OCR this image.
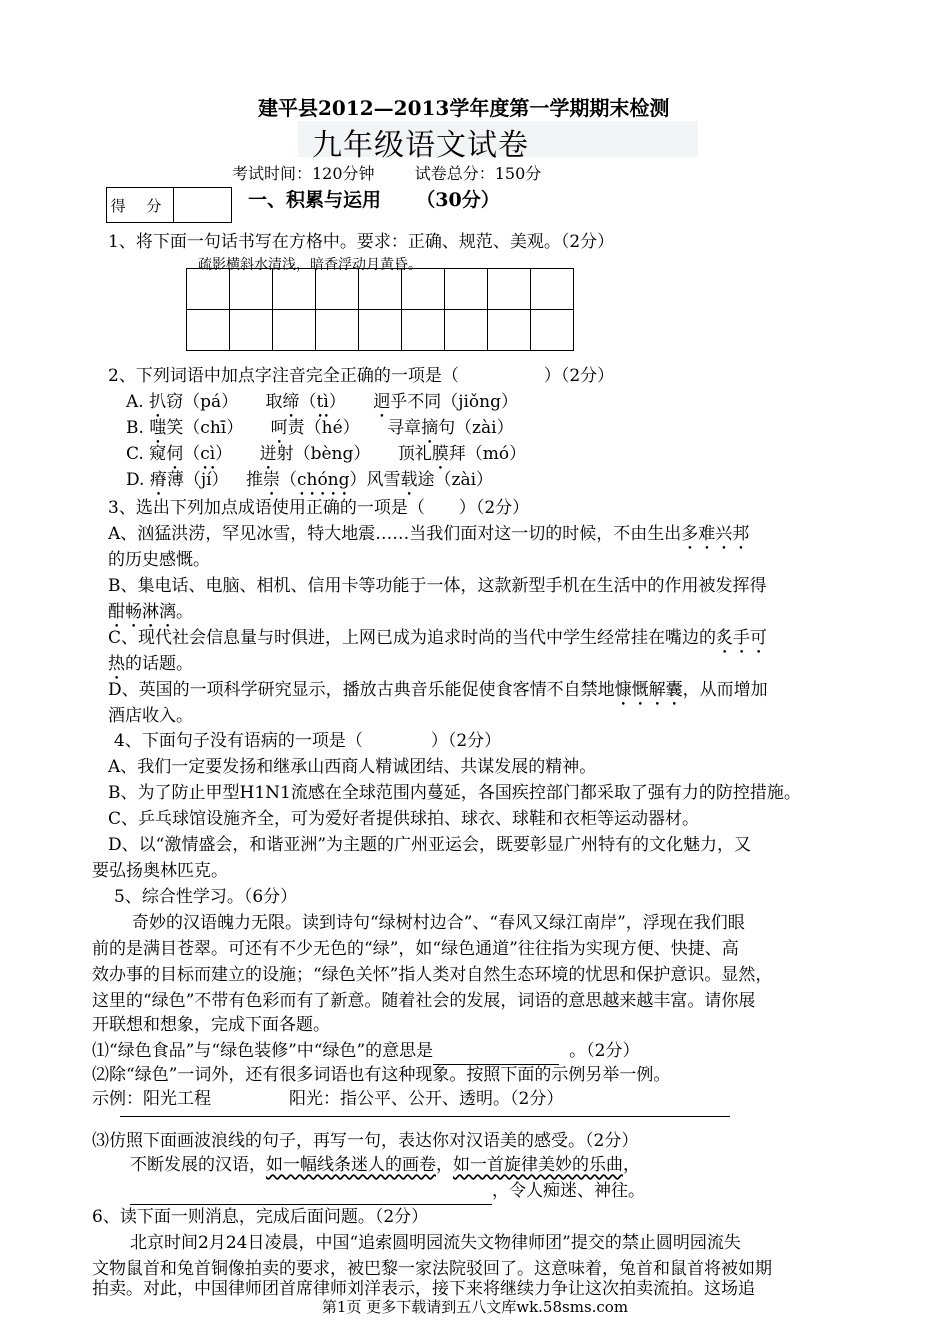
建平县2012—2013学年度第一学期期末检测
九年级语文试卷
考试时间：120分钟	试卷总分：150分
得 分	一、积累与运用 （30分）
1、将下面一句话书写在方格中。要求：正确、规范、美观。（2分）
疏影横斜水清浅，暗香浮动月黄昏。

2、下列词语中加点字注音完全正确的一项是（　　　　　）（2分）
A. 扒窃（pá） 取缔（tì） 迥乎不同（jiǒng）
B. 嗤笑（chī） 呵责（hé） 寻章摘句（zài）
C. 窥伺（cì） 迸射（bèng） 顶礼膜拜（mó）
D. 瘠薄（jí） 推崇（chóng）风雪载途（zài）
3、选出下列加点成语使用正确的一项是（　　）（2分）
A、汹猛洪涝，罕见冰雪，特大地震……当我们面对这一切的时候，不由生出多难兴邦
的历史感慨。
B、集电话、电脑、相机、信用卡等功能于一体，这款新型手机在生活中的作用被发挥得
酣畅淋漓。
C、现代社会信息量与时俱进，上网已成为追求时尚的当代中学生经常挂在嘴边的炙手可
热的话题。
D、英国的一项科学研究显示，播放古典音乐能促使食客情不自禁地慷慨解囊，从而增加
酒店收入。
4、下面句子没有语病的一项是（　　　　）（2分）
A、我们一定要发扬和继承山西商人精诚团结、共谋发展的精神。
B、为了防止甲型H1N1流感在全球范围内蔓延，各国疾控部门都采取了强有力的防控措施。
C、乒乓球馆设施齐全，可为爱好者提供球拍、球衣、球鞋和衣柜等运动器材。
D、以“激情盛会，和谐亚洲”为主题的广州亚运会，既要彰显广州特有的文化魅力，又
要弘扬奥林匹克。
5、综合性学习。（6分）
奇妙的汉语魄力无限。读到诗句“绿树村边合”、“春风又绿江南岸”，浮现在我们眼
前的是满目苍翠。可还有不少无色的“绿”，如“绿色通道”往往指为实现方便、快捷、高
效办事的目标而建立的设施；“绿色关怀”指人类对自然生态环境的忧思和保护意识。显然，
这里的“绿色”不带有色彩而有了新意。随着社会的发展，词语的意思越来越丰富。请你展
开联想和想象，完成下面各题。
⑴“绿色食品”与“绿色装修”中“绿色”的意思是	。（2分）
⑵除“绿色”一词外，还有很多词语也有这种现象。按照下面的示例另举一例。
示例：阳光工程	阳光：指公平、公开、透明。（2分）
⑶仿照下面画波浪线的句子，再写一句，表达你对汉语美的感受。（2分）
不断发展的汉语，如一幅线条迷人的画卷，如一首旋律美妙的乐曲，
，令人痴迷、神往。
6、读下面一则消息，完成后面问题。（2分）
北京时间2月24日凌晨，中国“追索圆明园流失文物律师团”提交的禁止圆明园流失
文物鼠首和兔首铜像拍卖的要求，被巴黎一家法院驳回了。这意味着，兔首和鼠首将被如期
拍卖。对此，中国律师团首席律师刘洋表示，接下来将继续力争让这次拍卖流拍。这场追
第1页 更多下载请到五八文库wk.58sms.com
